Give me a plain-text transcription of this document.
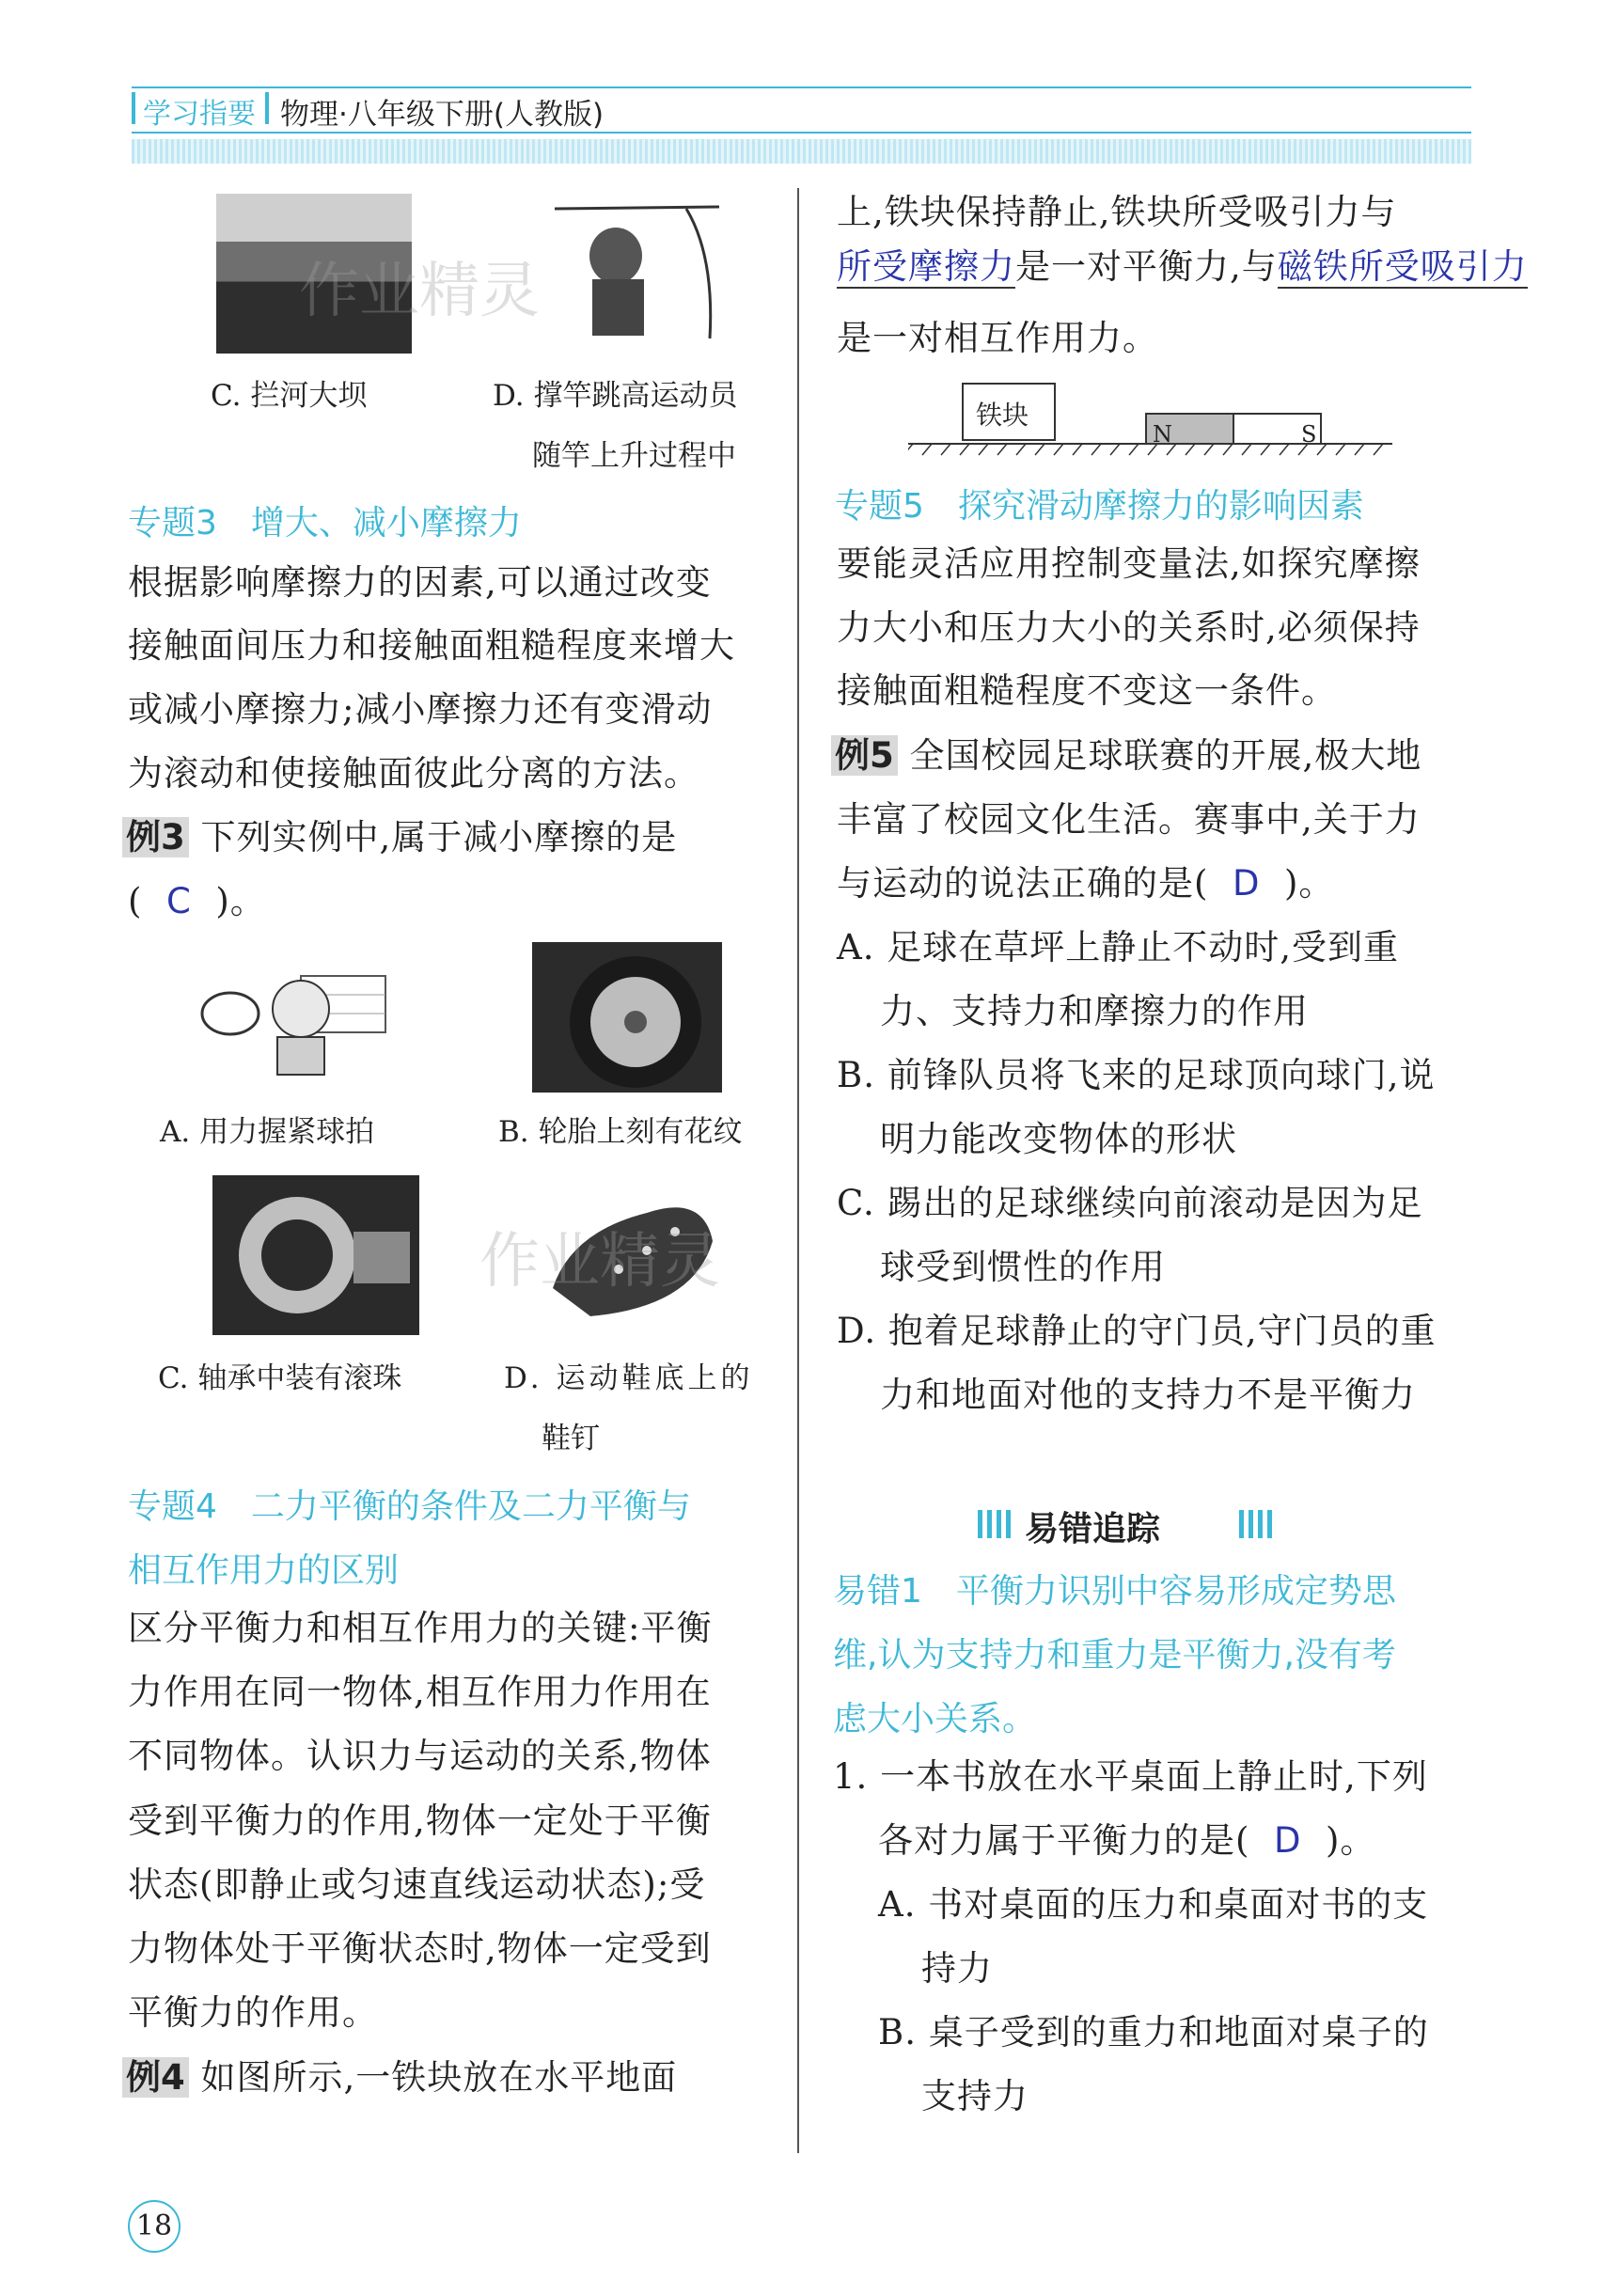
学习指要 物理·八年级下册(人教版)
作业精灵
C. 拦河大坝	D. 撑竿跳高运动员
随竿上升过程中
专题3　增大、减小摩擦力
根据影响摩擦力的因素,可以通过改变
接触面间压力和接触面粗糙程度来增大
或减小摩擦力;减小摩擦力还有变滑动
为滚动和使接触面彼此分离的方法。
例3 下列实例中,属于减小摩擦的是
( C )。
A. 用力握紧球拍	B. 轮胎上刻有花纹
作业精灵
C. 轴承中装有滚珠	D. 运动鞋底上的
鞋钉
专题4　二力平衡的条件及二力平衡与
相互作用力的区别
区分平衡力和相互作用力的关键:平衡
力作用在同一物体,相互作用力作用在
不同物体。认识力与运动的关系,物体
受到平衡力的作用,物体一定处于平衡
状态(即静止或匀速直线运动状态);受
力物体处于平衡状态时,物体一定受到
平衡力的作用。
例4 如图所示,一铁块放在水平地面
上,铁块保持静止,铁块所受吸引力与
所受摩擦力是一对平衡力,与磁铁所受吸引力
是一对相互作用力。
铁块
N	S
专题5　探究滑动摩擦力的影响因素
要能灵活应用控制变量法,如探究摩擦
力大小和压力大小的关系时,必须保持
接触面粗糙程度不变这一条件。
例5 全国校园足球联赛的开展,极大地
丰富了校园文化生活。赛事中,关于力
与运动的说法正确的是( D )。
A. 足球在草坪上静止不动时,受到重
力、支持力和摩擦力的作用
B. 前锋队员将飞来的足球顶向球门,说
明力能改变物体的形状
C. 踢出的足球继续向前滚动是因为足
球受到惯性的作用
D. 抱着足球静止的守门员,守门员的重
力和地面对他的支持力不是平衡力
易错追踪
易错1　平衡力识别中容易形成定势思
维,认为支持力和重力是平衡力,没有考
虑大小关系。
1. 一本书放在水平桌面上静止时,下列
各对力属于平衡力的是( D )。
A. 书对桌面的压力和桌面对书的支
持力
B. 桌子受到的重力和地面对桌子的
支持力
18
